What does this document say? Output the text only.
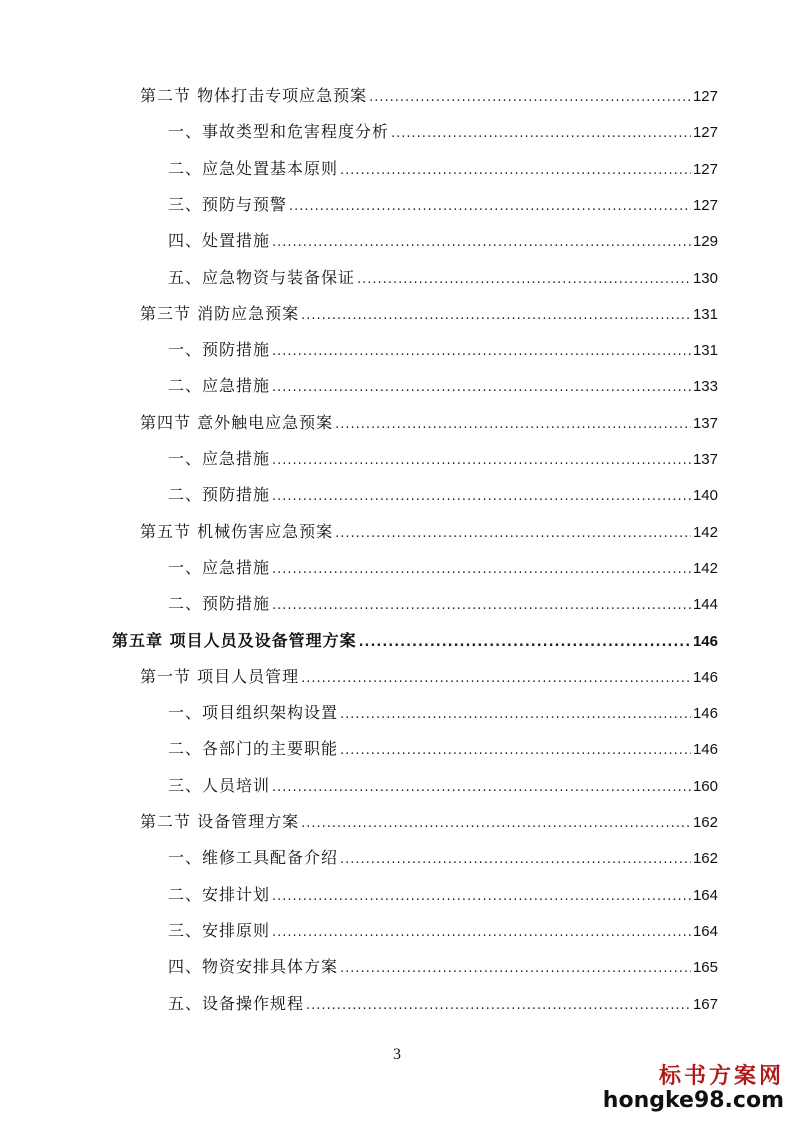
第二节 物体打击专项应急预案 .....	127
一、事故类型和危害程度分析 .....	127
二、应急处置基本原则 .....	127
三、预防与预警 .....	127
四、处置措施 .....	129
五、应急物资与装备保证 .....	130
第三节 消防应急预案 .....	131
一、预防措施 .....	131
二、应急措施 .....	133
第四节 意外触电应急预案 .....	137
一、应急措施 .....	137
二、预防措施 .....	140
第五节 机械伤害应急预案 .....	142
一、应急措施 .....	142
二、预防措施 .....	144
第五章 项目人员及设备管理方案 .....	146
第一节 项目人员管理 .....	146
一、项目组织架构设置 .....	146
二、各部门的主要职能 .....	146
三、人员培训 .....	160
第二节 设备管理方案 .....	162
一、维修工具配备介绍 .....	162
二、安排计划 .....	164
三、安排原则 .....	164
四、物资安排具体方案 .....	165
五、设备操作规程 .....	167
3
标书方案网
hongke98.com
